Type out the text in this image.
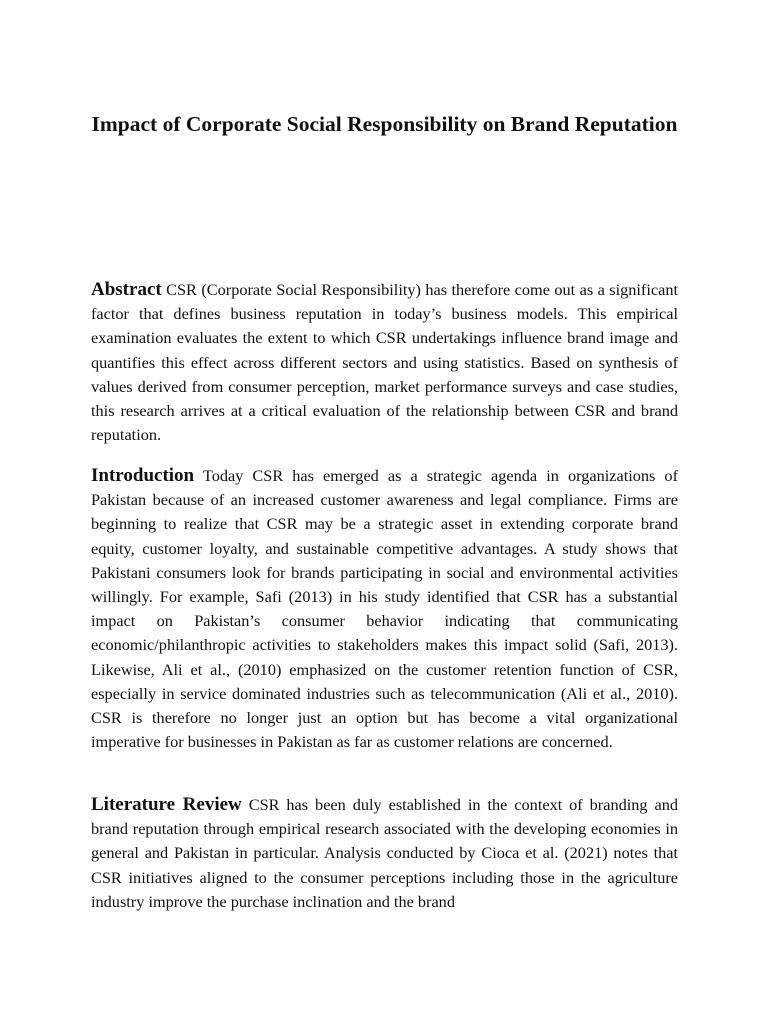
Impact of Corporate Social Responsibility on Brand Reputation

Abstract CSR (Corporate Social Responsibility) has therefore come out as a significant factor that defines business reputation in today’s business models. This empirical examination evaluates the extent to which CSR undertakings influence brand image and quantifies this effect across different sectors and using statistics. Based on synthesis of values derived from consumer perception, market performance surveys and case studies, this research arrives at a critical evaluation of the relationship between CSR and brand reputation.

Introduction Today CSR has emerged as a strategic agenda in organizations of Pakistan because of an increased customer awareness and legal compliance. Firms are beginning to realize that CSR may be a strategic asset in extending corporate brand equity, customer loyalty, and sustainable competitive advantages. A study shows that Pakistani consumers look for brands participating in social and environmental activities willingly. For example, Safi (2013) in his study identified that CSR has a substantial impact on Pakistan’s consumer behavior indicating that communicating economic/philanthropic activities to stakeholders makes this impact solid (Safi, 2013). Likewise, Ali et al., (2010) emphasized on the customer retention function of CSR, especially in service dominated industries such as telecommunication (Ali et al., 2010). CSR is therefore no longer just an option but has become a vital organizational imperative for businesses in Pakistan as far as customer relations are concerned.

Literature Review CSR has been duly established in the context of branding and brand reputation through empirical research associated with the developing economies in general and Pakistan in particular. Analysis conducted by Cioca et al. (2021) notes that CSR initiatives aligned to the consumer perceptions including those in the agriculture industry improve the purchase inclination and the brand
